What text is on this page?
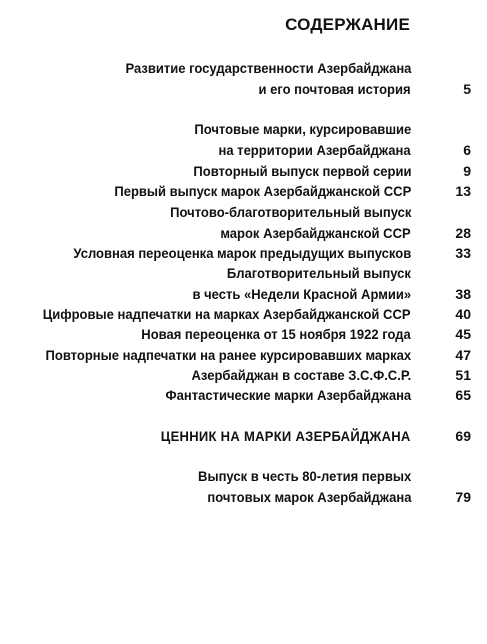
СОДЕРЖАНИЕ
Развитие государственности Азербайджана
и его почтовая история	5
Почтовые марки, курсировавшие
на территории Азербайджана	6
Повторный выпуск первой серии	9
Первый выпуск марок Азербайджанской ССР	13
Почтово-благотворительный выпуск
марок Азербайджанской ССР	28
Условная переоценка марок предыдущих выпусков	33
Благотворительный выпуск
в честь «Недели Красной Армии»	38
Цифровые надпечатки на марках Азербайджанской ССР	40
Новая переоценка от 15 ноября 1922 года	45
Повторные надпечатки на ранее курсировавших марках	47
Азербайджан в составе З.С.Ф.С.Р.	51
Фантастические марки Азербайджана	65
ЦЕННИК НА МАРКИ АЗЕРБАЙДЖАНА	69
Выпуск в честь 80-летия первых
почтовых марок Азербайджана	79
